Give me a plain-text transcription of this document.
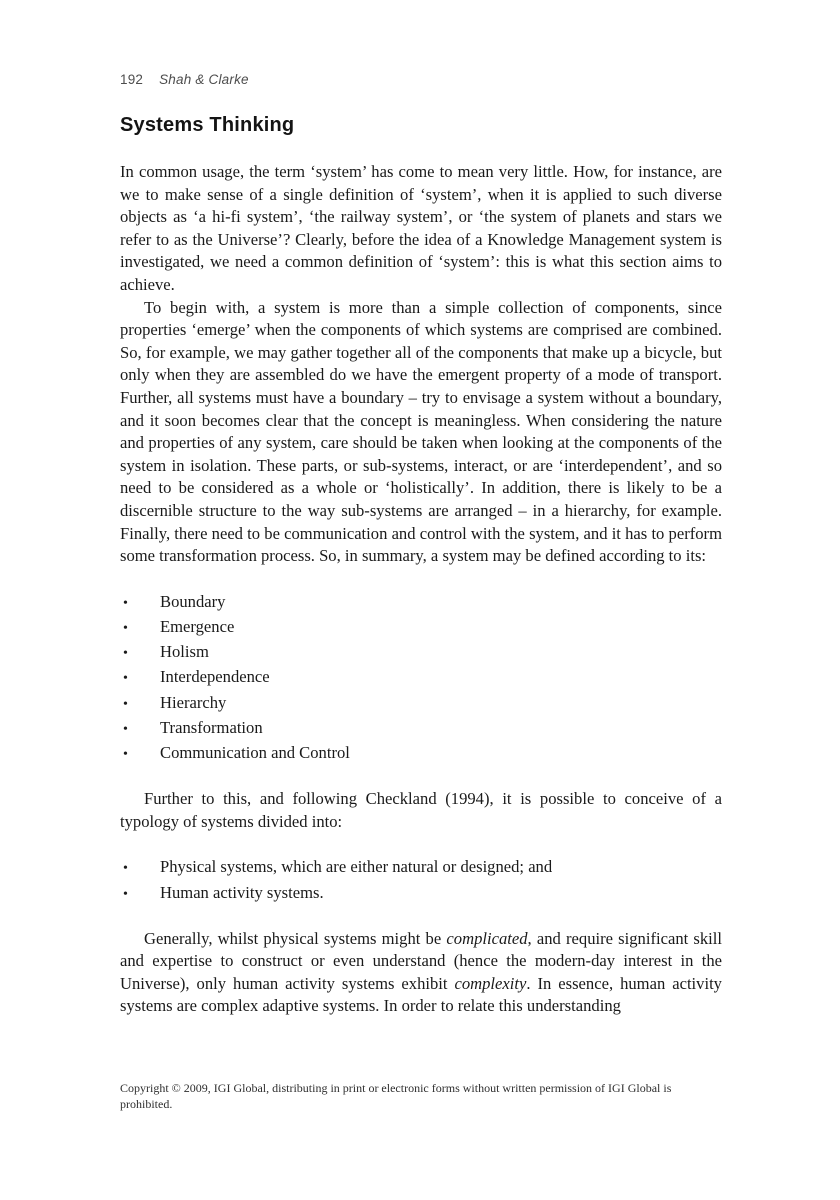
192 Shah & Clarke
Systems Thinking

In common usage, the term ‘system’ has come to mean very little. How, for instance, are we to make sense of a single definition of ‘system’, when it is applied to such diverse objects as ‘a hi-fi system’, ‘the railway system’, or ‘the system of planets and stars we refer to as the Universe’? Clearly, before the idea of a Knowledge Management system is investigated, we need a common definition of ‘system’: this is what this section aims to achieve.

To begin with, a system is more than a simple collection of components, since properties ‘emerge’ when the components of which systems are comprised are combined. So, for example, we may gather together all of the components that make up a bicycle, but only when they are assembled do we have the emergent property of a mode of transport. Further, all systems must have a boundary – try to envisage a system without a boundary, and it soon becomes clear that the concept is meaningless. When considering the nature and properties of any system, care should be taken when looking at the components of the system in isolation. These parts, or sub-systems, interact, or are ‘interdependent’, and so need to be considered as a whole or ‘holistically’. In addition, there is likely to be a discernible structure to the way sub-systems are arranged – in a hierarchy, for example. Finally, there need to be communication and control with the system, and it has to perform some transformation process. So, in summary, a system may be defined according to its:

•	Boundary
•	Emergence
•	Holism
•	Interdependence
•	Hierarchy
•	Transformation
•	Communication and Control

Further to this, and following Checkland (1994), it is possible to conceive of a typology of systems divided into:

•	Physical systems, which are either natural or designed; and
•	Human activity systems.

Generally, whilst physical systems might be complicated, and require significant skill and expertise to construct or even understand (hence the modern-day interest in the Universe), only human activity systems exhibit complexity. In essence, human activity systems are complex adaptive systems. In order to relate this understanding

Copyright © 2009, IGI Global, distributing in print or electronic forms without written permission of IGI Global is prohibited.
